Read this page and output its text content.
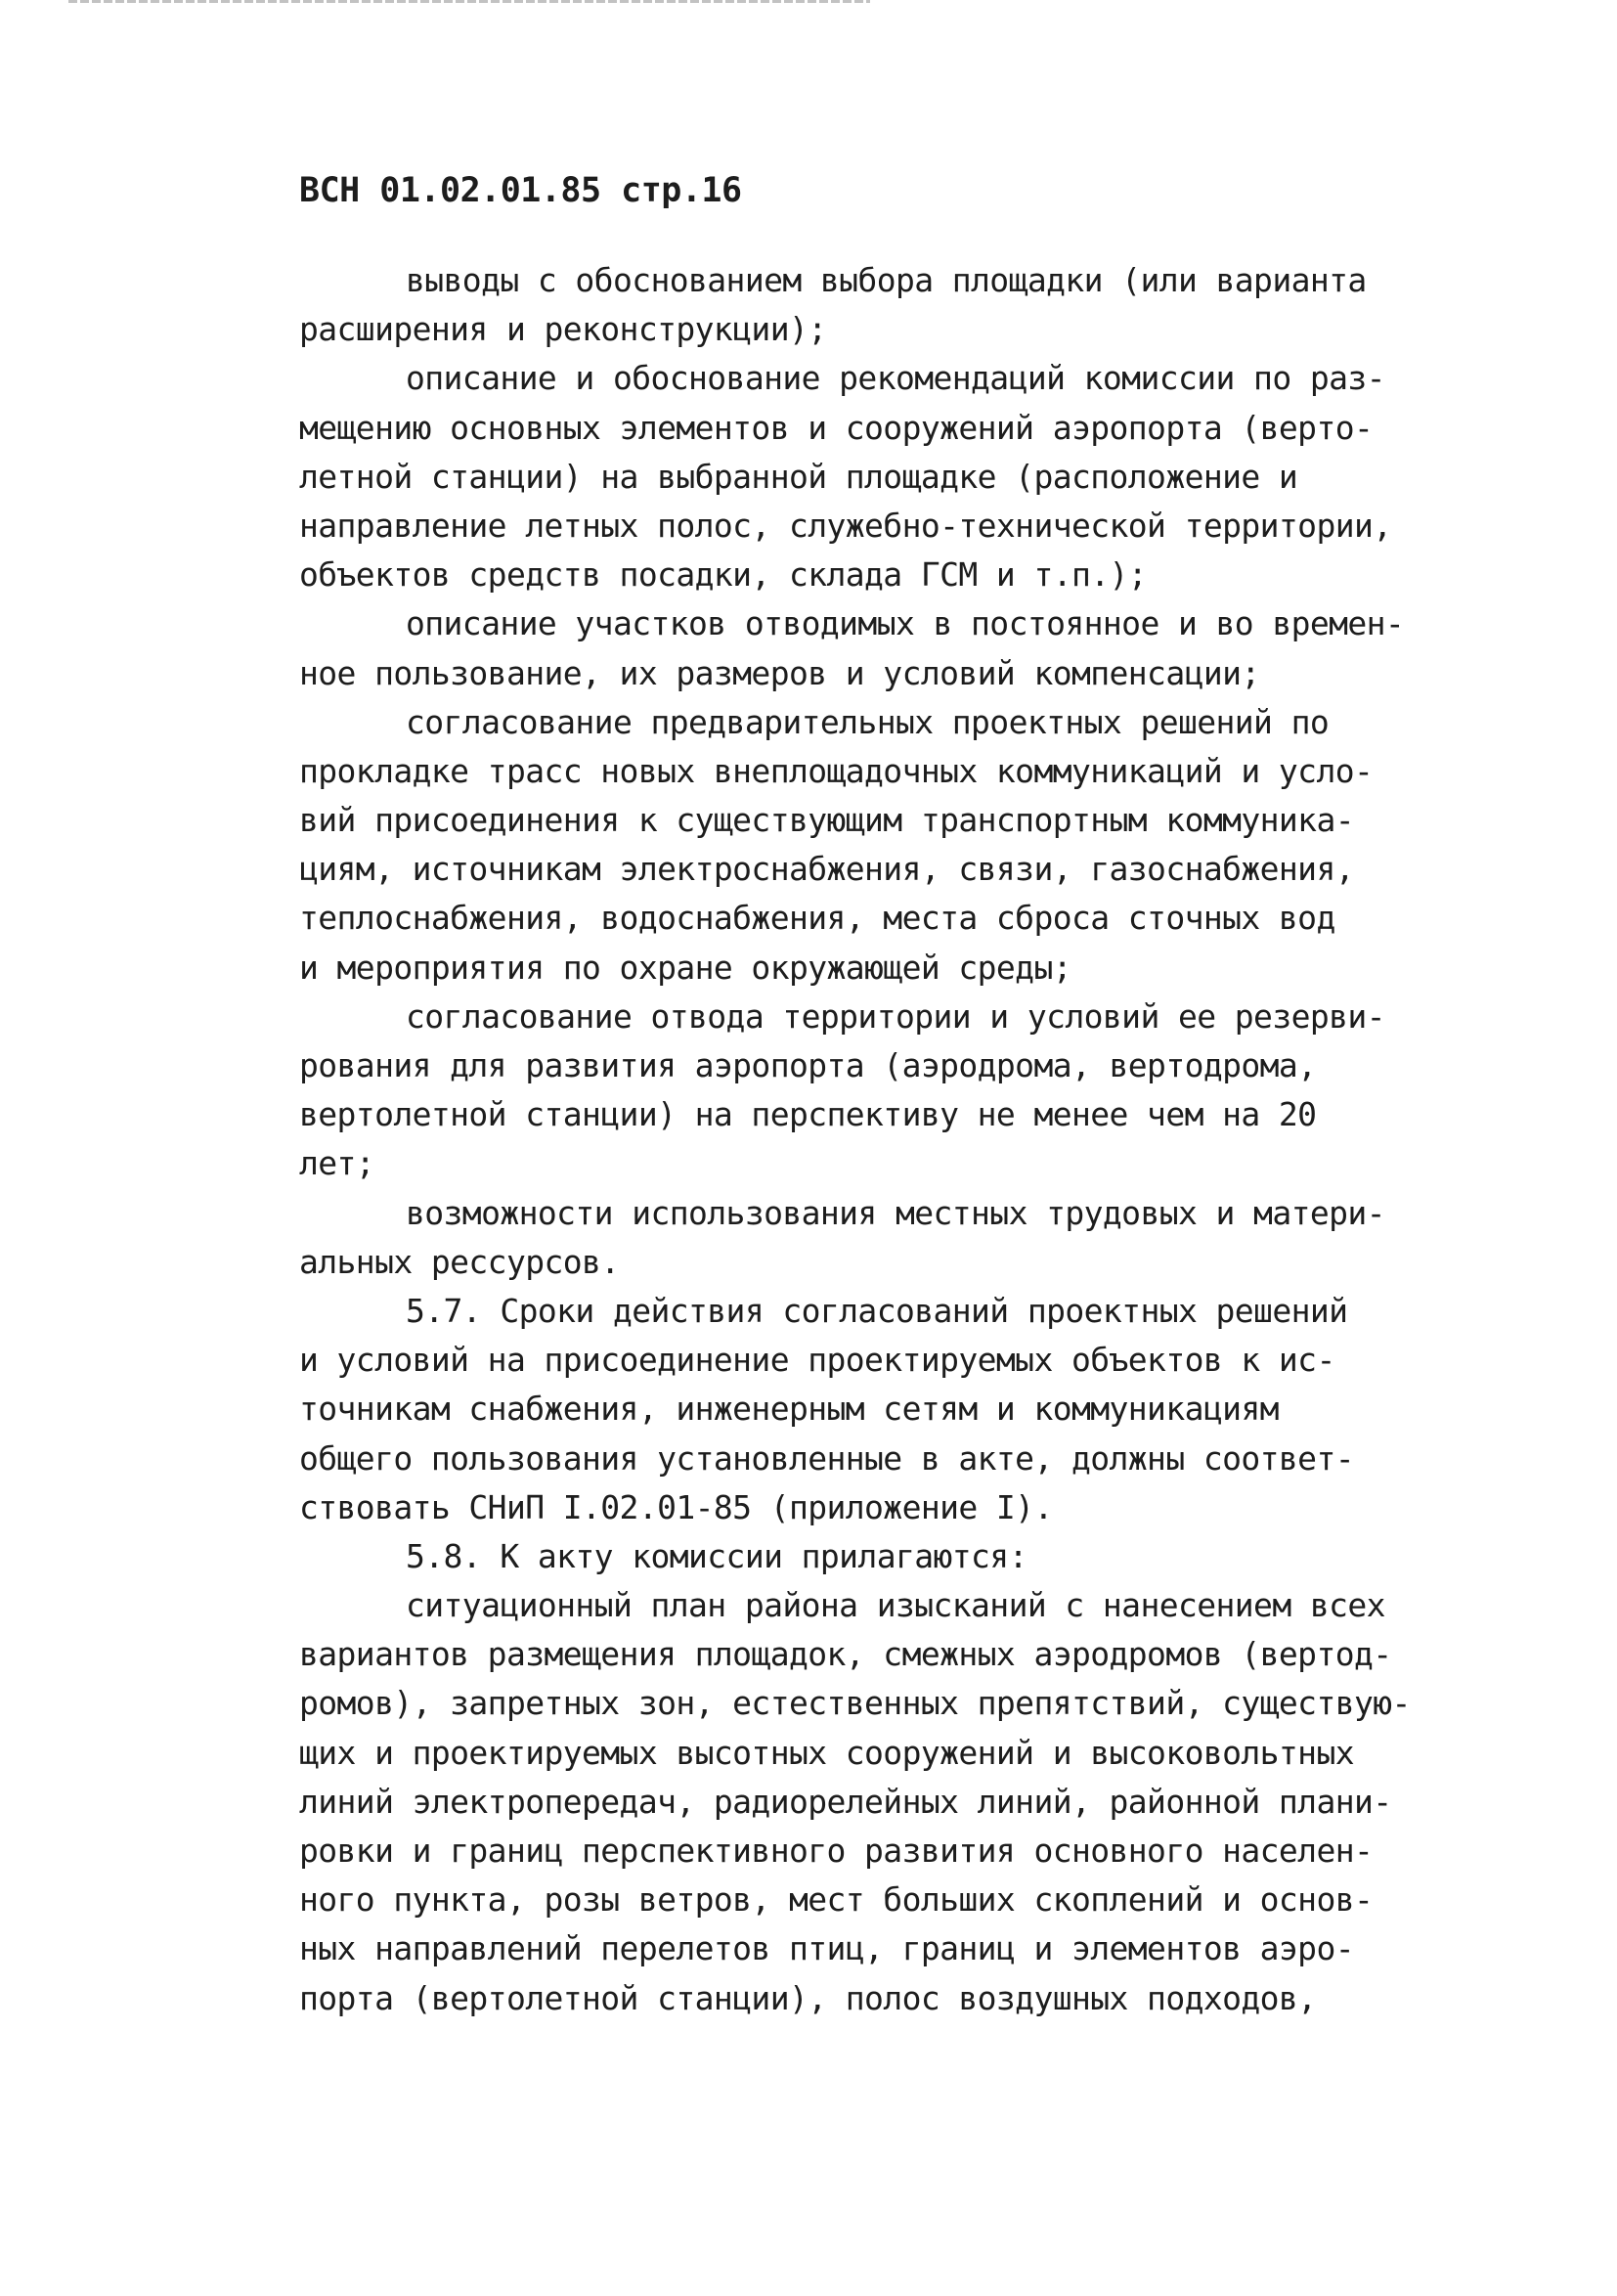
ВСН 01.02.01.85 стр.16
выводы с обоснованием выбора площадки (или варианта
расширения и реконструкции);
описание и обоснование рекомендаций комиссии по раз-
мещению основных элементов и сооружений аэропорта (верто-
летной станции) на выбранной площадке (расположение и
направление летных полос, служебно-технической территории,
объектов средств посадки, склада ГСМ и т.п.);
описание участков отводимых в постоянное и во времен-
ное пользование, их размеров и условий компенсации;
согласование предварительных проектных решений по
прокладке трасс новых внеплощадочных коммуникаций и усло-
вий присоединения к существующим транспортным коммуника-
циям, источникам электроснабжения, связи, газоснабжения,
теплоснабжения, водоснабжения, места сброса сточных вод
и мероприятия по охране окружающей среды;
согласование отвода территории и условий ее резерви-
рования для развития аэропорта (аэродрома, вертодрома,
вертолетной станции) на перспективу не менее чем на 20
лет;
возможности использования местных трудовых и матери-
альных рессурсов.
5.7. Сроки действия согласований проектных решений
и условий на присоединение проектируемых объектов к ис-
точникам снабжения, инженерным сетям и коммуникациям
общего пользования установленные в акте, должны соответ-
ствовать СНиП I.02.01-85 (приложение I).
5.8. К акту комиссии прилагаются:
ситуационный план района изысканий с нанесением всех
вариантов размещения площадок, смежных аэродромов (вертод-
ромов), запретных зон, естественных препятствий, существую-
щих и проектируемых высотных сооружений и высоковольтных
линий электропередач, радиорелейных линий, районной плани-
ровки и границ перспективного развития основного населен-
ного пункта, розы ветров, мест больших скоплений и основ-
ных направлений перелетов птиц, границ и элементов аэро-
порта (вертолетной станции), полос воздушных подходов,
